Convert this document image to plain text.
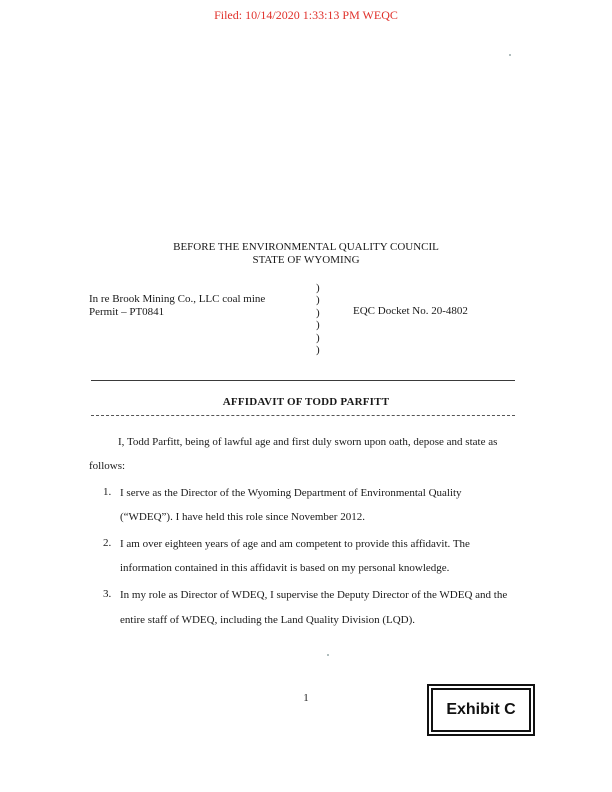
Filed: 10/14/2020 1:33:13 PM WEQC
BEFORE THE ENVIRONMENTAL QUALITY COUNCIL
STATE OF WYOMING
In re Brook Mining Co., LLC coal mine
Permit – PT0841
)
)
)
)
)
)
EQC Docket No. 20-4802
AFFIDAVIT OF TODD PARFITT
I, Todd Parfitt, being of lawful age and first duly sworn upon oath, depose and state as
follows:
1. I serve as the Director of the Wyoming Department of Environmental Quality
(“WDEQ”). I have held this role since November 2012.
2. I am over eighteen years of age and am competent to provide this affidavit. The
information contained in this affidavit is based on my personal knowledge.
3. In my role as Director of WDEQ, I supervise the Deputy Director of the WDEQ and the
entire staff of WDEQ, including the Land Quality Division (LQD).
1
Exhibit C
